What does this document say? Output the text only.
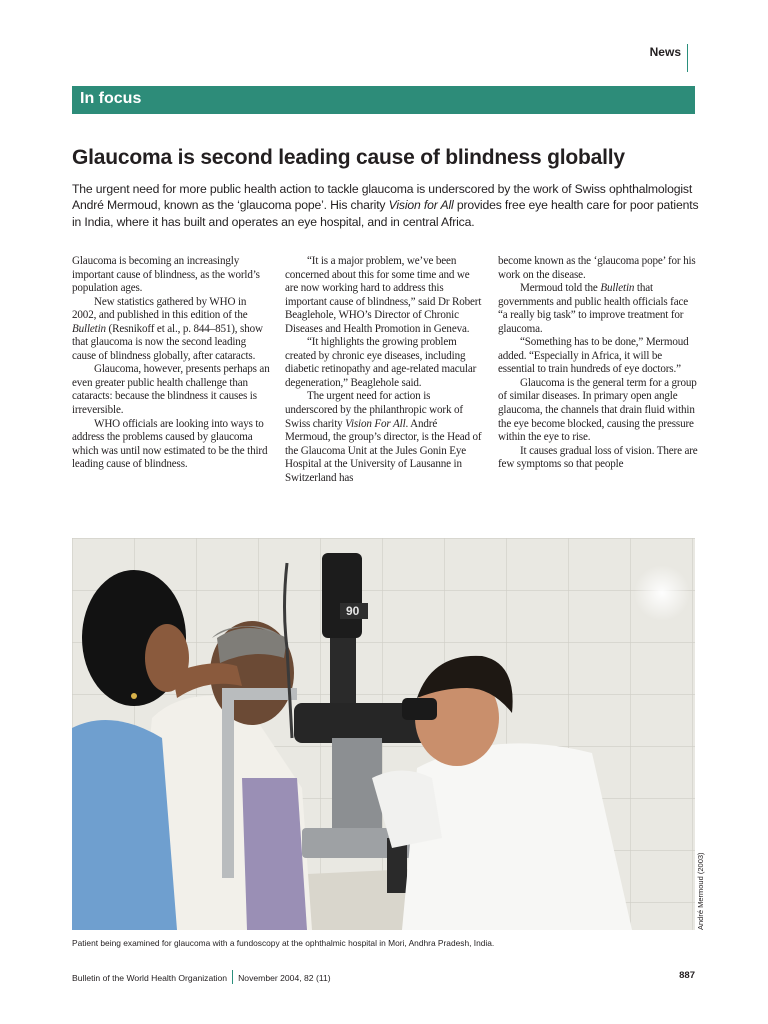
News
In focus
Glaucoma is second leading cause of blindness globally

The urgent need for more public health action to tackle glaucoma is underscored by the work of Swiss ophthalmologist André Mermoud, known as the ‘glaucoma pope’. His charity Vision for All provides free eye health care for poor patients in India, where it has built and operates an eye hospital, and in central Africa.

Glaucoma is becoming an increasingly important cause of blindness, as the world’s population ages.

New statistics gathered by WHO in 2002, and published in this edition of the Bulletin (Resnikoff et al., p. 844–851), show that glaucoma is now the second leading cause of blindness globally, after cataracts.

Glaucoma, however, presents perhaps an even greater public health challenge than cataracts: because the blindness it causes is irreversible.

WHO officials are looking into ways to address the problems caused by glaucoma which was until now estimated to be the third leading cause of blindness.

“It is a major problem, we’ve been concerned about this for some time and we are now working hard to address this important cause of blindness,” said Dr Robert Beaglehole, WHO’s Director of Chronic Diseases and Health Promotion in Geneva.

“It highlights the growing problem created by chronic eye diseases, including diabetic retinopathy and age-related macular degeneration,” Beaglehole said.

The urgent need for action is underscored by the philanthropic work of Swiss charity Vision For All. André Mermoud, the group’s director, is the Head of the Glaucoma Unit at the Jules Gonin Eye Hospital at the University of Lausanne in Switzerland has

become known as the ‘glaucoma pope’ for his work on the disease.

Mermoud told the Bulletin that governments and public health officials face “a really big task” to improve treatment for glaucoma.

“Something has to be done,” Mermoud added. “Especially in Africa, it will be essential to train hundreds of eye doctors.”

Glaucoma is the general term for a group of similar diseases. In primary open angle glaucoma, the channels that drain fluid within the eye become blocked, causing the pressure within the eye to rise.

It causes gradual loss of vision. There are few symptoms so that people

90
André Mermoud (2003)
Patient being examined for glaucoma with a fundoscopy at the ophthalmic hospital in Mori, Andhra Pradesh, India.
Bulletin of the World Health Organization November 2004, 82 (11)	887
